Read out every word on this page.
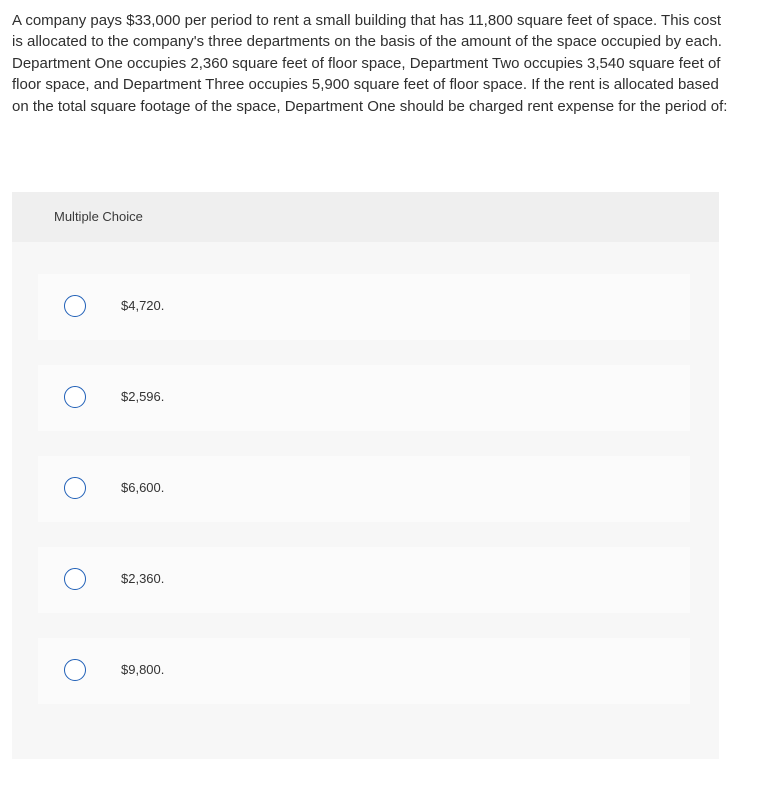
A company pays $33,000 per period to rent a small building that has 11,800 square feet of space. This cost is allocated to the company's three departments on the basis of the amount of the space occupied by each. Department One occupies 2,360 square feet of floor space, Department Two occupies 3,540 square feet of floor space, and Department Three occupies 5,900 square feet of floor space. If the rent is allocated based on the total square footage of the space, Department One should be charged rent expense for the period of:

Multiple Choice
$4,720.
$2,596.
$6,600.
$2,360.
$9,800.
